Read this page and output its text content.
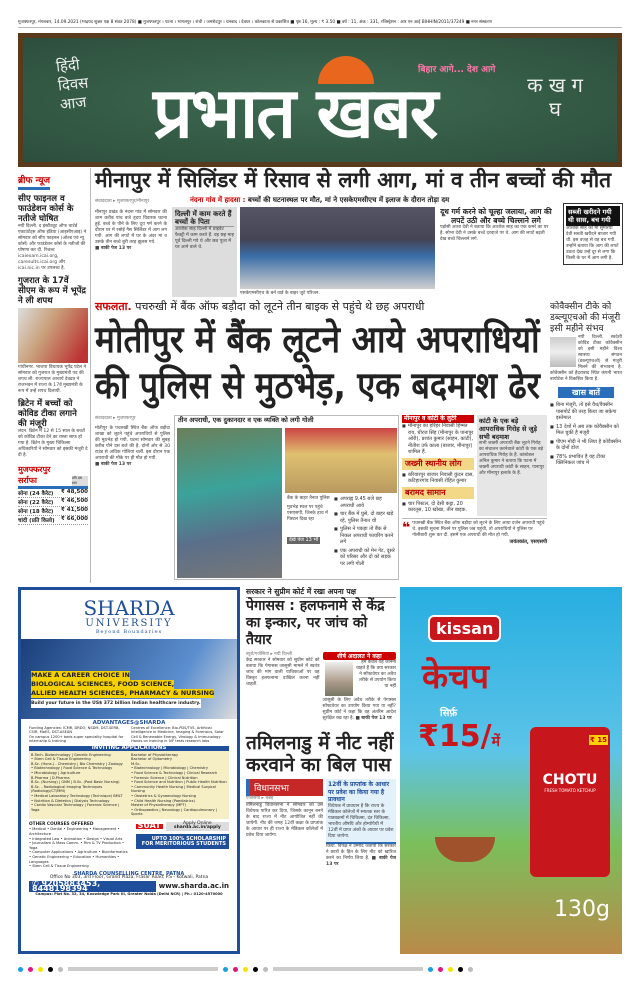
मुजफ्फरपुर, मंगलवार, 14.09.2021 (भाद्रपद शुक्ल पक्ष 8 संवत 2078) ■ मुजफ्फरपुर । पटना । भागलपुर । रांची । जमशेदपुर । धनबाद । देवघर । कोलकाता से प्रकाशित ■ पृष्ठ 16, मूल्य : ₹ 3.50 ■ वर्ष : 11, अंक : 331, रजिस्ट्रेशन : आर एन आई BIHHIN/2011/37249 ■ नगर संस्करण
हिंदी
दिवस
आज
बिहार आगे... देश आगे
प्रभात खबर	क ख ग घ
ब्रीफ न्यूज
सीए फाइनल व फाउंडेशन कोर्स के नतीजे घोषित

नयी दिल्ली. द इंस्टीट्यूट ऑफ चार्टर्ड एकाउंटेंट्स ऑफ इंडिया (आइसीएआइ) ने सोमवार को सीए फाइनल (ओल्ड एवं न्यू कोर्स) और फाउंडेशन कोर्स के नतीजों की घोषणा कर दी. रिजल्ट icaiexam.icai.org, caresults.icai.org और icai.nic.in पर उपलब्ध है.

गुजरात के 17वें सीएम के रूप में भूपेंद्र ने ली शपथ

गांधीनगर. भाजपा विधायक भूपेंद्र पटेल ने सोमवार को गुजरात के मुख्यमंत्री पद की शपथ ली. राज्यपाल आचार्य देवव्रत ने राजभवन में राज्य के 17वें मुख्यमंत्री के रूप में उन्हें शपथ दिलायी.

ब्रिटेन में बच्चों को कोविड टीका लगाने की मंजूरी

लंदन. ब्रिटेन में 12 से 15 साल के बच्चों को कोविड टीका देने का रास्ता साफ हो गया है. ब्रिटेन के मुख्य चिकित्सा अधिकारियों ने सोमवार को इसकी मंजूरी दे दी है.

मुजफ्फरपुर सर्राफा	प्रति दस ग्राम
सोना (24 कैरेट) ₹ 48,500
सोना (22 कैरेट) ₹ 46,500
सोना (18 कैरेट) ₹ 41,500
चांदी (प्रति किलो) ₹ 66,000
मीनापुर में सिलिंडर में रिसाव से लगी आग, मां व तीन बच्चों की मौत
संवाददाता ▸ मुजफ्फरपुर/मीनापुर	नंदना गांव में हादसा : बच्चों की घटनास्थल पर मौत, मां ने एसकेएमसीएच में इलाज के दौरान तोड़ा दम
मीनापुर प्रखंड के नंदना गांव में सोमवार की शाम करीब पांच बजे हृदय विदारक घटना हुई. बच्चे के पीने के लिए दूध गर्म करने के दौरान घर में रसोई गैस सिलिंडर में आग लग गयी. आग की लपटें में घर के अंदर मां व उसके तीन बच्चे बुरी तरह झुलस गये.
■ बाकी पेज 13 पर
दिल्ली में काम करते हैं बच्चों के पिता
आशोक साह दिल्ली में प्राइवेट फैक्ट्री में काम करते हैं. वह छह माह पूर्व दिल्ली गये थे और छठ पूजा में घर आने वाले थे.
एसकेएमसीएच के बर्न वार्ड के बाहर जुटे परिजन.
दूध गर्म करने को चूल्हा जलाया, आग की लपटें उठी और बच्चे चिल्लाने लगे
पड़ोसी आशा देवी ने बताया कि आशोक साह का एक कमरे का घर है. सोभा देवी ने उसके बच्चे दरवाजे पर थे. आग की लपटें बढ़ती देख बच्चे चिल्लाने लगे.
सब्जी खरीदने गयी थी सास, बच गयी
आशोक साह की मां सुमरिया देवी सब्जी खरीदने बाजार गयी थी. इस वजह से वह बच गयी. उन्होंने बताया कि आग की लपटें उठता देख उन्हें दूर से लगा कि किसी के घर में आग लगी है.
सफलता. पचरुखी में बैंक ऑफ बड़ौदा को लूटने तीन बाइक से पहुंचे थे छह अपराधी
मोतीपुर में बैंक लूटने आये अपराधियों
की पुलिस से मुठभेड़, एक बदमाश ढेर
संवाददाता ▸ मुजफ्फरपुर
मोतीपुर के पचरुखी स्थित बैंक ऑफ बड़ौदा शाखा को लूटने पहुंचे अपराधियों से पुलिस की मुठभेड़ हो गयी. घटना सोमवार की सुबह करीब पौने दस बजे की है. दोनों ओर से 30 राउंड से अधिक गोलियां चलीं. इस दौरान एक अपराधी की मौके पर ही मौत हो गयी.
■ बाकी पेज 13 पर
तीन अपराधी, एक दुकानदार व एक व्यक्ति को लगी गोली
बैंक के बाहर तैनात पुलिस
मुठभेड़ स्थल पर पहुंचे एसएसपी, जिनके हाथ में पिस्टल दिख रहा
देखें पेज 13 भी
■ अपराह्न 9.45 बजे छह अपराधी आये
■ चार बैंक में घुसे, दो बाहर खड़े रहे, पुलिस तैनात थी
■ पुलिस ने पकड़ा तो बैंक से निकल अपराधी फायरिंग करने लगे
■ एक अपराधी को मेन गेट, दूसरे को परिसर और दो को सड़क पर लगी गोली
मीनापुर व कांटी के लुटेरे
■ मीनापुर का हरिहर निवासी हिम्मत राय, धीरज सिंह (मीनापुर के पानापुर ओरी), प्रशांत कुमार (साहन, कांटी), नीतीश उर्फ काला (बाजार, मीनापुर) शामिल हैं.
जख्मी स्थानीय लोग
■ बरियारपुर बाजार निवासी कुंदन दास, कटिहारगांव निवासी रोहित कुमार
बरामद सामान
■ चार पिस्टल, दो देसी कट्टा, 20 कारतूस, 10 खोखा, तीन बाइक.
कांटी के एक बड़े आपराधिक गिरोह से जुड़े सभी बदमाश
सभी जख्मी अपराधी बैंक लूटने गिरोह का संचालन करनेवाले कांटी के एक बड़े आपराधिक गिरोह के हैं. कांस्टेबल अनिल कुमार ने बताया कि पटना में जख्मी अपराधी कांटी के साहन, पानापुर और मीनापुर इलाके के हैं.
❝ पचरुखी बैंक स्थित बैंक ऑफ बड़ौदा को लूटने के लिए आया दर्जन अपराधी पहुंचे थे. इसकी सूचना मिलने पर पुलिस जब पहुंची, तो अपराधियों ने पुलिस पर गोलीबारी शुरू कर दी. इसमें एक अपराधी की मौत हो गयी.
जयंतकांत, एसएसपी
कोवैक्सीन टीके को डब्ल्यूएचओ की मंजूरी इसी महीने संभव
नयी दिल्ली. स्वदेशी कोविड टीका कोवैक्सीन को इसी महीने विश्व स्वास्थ्य संगठन (डब्ल्यूएचओ) से मंजूरी मिलने की संभावना है. कोवैक्सीन को हैदराबाद स्थित कंपनी भारत बायोटेक ने विकसित किया है.
खास बातें
■ बिना मंजूरी, तो इसे वैध/वैक्सीन पासपोर्ट की तरह किया जा सकेगा इस्तेमाल
■ 13 देशों में अब तक कोवैक्सीन को मिल चुकी है मंजूरी
■ पीएम मोदी ने भी लिया है कोवैक्सीन के दोनों डोज
■ 78% प्रभावित है यह टीका क्लिनिकल जांच में
SHARDA
UNIVERSITY
Beyond Boundaries
MAKE A CAREER CHOICE IN
BIOLOGICAL SCIENCES, FOOD SCIENCE,
ALLIED HEALTH SCIENCES, PHARMACY & NURSING
Build your future in the US$ 372 billion Indian healthcare industry.
ADVANTAGES@SHARDA
Funding Agencies: ICMR, DRDO, NSDM, DST-SERB, CSIR, MoES, DST-ASEAN
On campus 1200+ beds super speciality hospital for internship & training
Centres of Excellence: Bio-PDS/TVS, Artificial Intelligence in Medicine, Imaging & Forensics, Solar Cell & Renewable Energy, Virology & Immunology
Hands on training in IVF tests research labs
INVITING APPLICATIONS
B.Tech. Biotechnology | Genetic Engineering
• Stem Cell & Tissue Engineering
B.Sc. (Hons.) - Chemistry | Bio Chemistry | Zoology
• Biotechnology | Food Science & Technology
• Microbiology | Agriculture
B.Pharma | D.Pharma
B.Sc. (Nursing) | GNM | B.Sc. (Post Basic Nursing)
B.Sc. - Radiological Imaging Techniques (Radiology/CT/MRI)
• Medical Laboratory Technology (Technique) BMLT
• Nutrition & Dietetics | Dialysis Technology
• Cardio Vascular Technology | Forensic Science | Yoga
Bachelor of Physiotherapy
Bachelor of Optometry
M.Sc.
• Biotechnology | Microbiology | Chemistry
• Food Science & Technology | Clinical Research
• Forensic Science | Clinical Nutrition
• Food Science and Nutrition | Public Health Nutrition
• Community Health Nursing | Medical Surgical Nursing
• Obstetrics & Gynaecology Nursing
• Child Health Nursing (Paediatrics)
Master of Physiotherapy (MPT)
• Orthopaedics | Neurology | Cardiopulmonary | Sports
OTHER COURSES OFFERED
• Medical • Dental • Engineering • Management • Architecture
• Integrated Law • Animation • Design • Visual Arts
• Journalism & Mass Comm. • Film & TV Production • Yoga
• Computer Applications • Agriculture • Bioinformatics
• Genetic Engineering • Education • Humanities • Languages
• Stem Cell & Tissue Engineering
SUAT	Apply Online
sharda.ac.in/apply
UPTO 100% SCHOLARSHIP
FOR MERITORIOUS STUDENTS
SHARDA COUNSELLING CENTRE, PATNA
Office No 303, 3rd Floor, Grand Plaza, Fraser Road, P.S - Kotwali, Patna
✆ 9205883453, 8448198394	www.sharda.ac.in
Campus: Plot No. 32, 34, Knowledge Park III, Greater Noida (Delhi NCR) | Ph.: 0120-4570000
सरकार ने सुप्रीम कोर्ट में रखा अपना पक्ष
पेगासस : हलफनामे से केंद्र का इन्कार, पर जांच को तैयार
ब्यूरो/एजेंसियां ▸ नयी दिल्ली
केंद्र सरकार ने सोमवार को सुप्रीम कोर्ट को बताया कि पेगासस जासूसी मामले में स्वतंत्र जांच की मांग वाली याचिकाओं पर वह विस्तृत हलफनामा दाखिल करना नहीं चाहती.
शीर्ष अदालत ने कहा
हम केवल यह जानना चाहते हैं कि क्या सरकार ने सॉफ्टवेयर का अवैध तरीके से उपयोग किया या नहीं
जासूसी के लिए अवैध तरीके से पेगासस सॉफ्टवेयर का उपयोग किया गया या नहीं? सुप्रीम कोर्ट ने कहा कि वह अंतरिम आदेश सुरक्षित रख रहा है. ■ बाकी पेज 13 पर
तमिलनाडु में नीट नहीं करवाने का बिल पास
विधानसभा
एजेंसियां ▸ चेन्नई
तमिलनाडु विधानसभा ने सोमवार को उस विधेयक पारित कर दिया, जिसके कानून बनने के बाद राज्य में नीट आयोजित नहीं की जायेगी. नीट की जगह 12वीं कक्षा के प्राप्तांक के आधार पर ही राज्य के मेडिकल कॉलेजों में प्रवेश दिया जायेगा.
12वीं के प्राप्तांक के आधार पर प्रवेश का किया गया है प्रावधान
विधेयक में प्रावधान है कि राज्य के मेडिकल कॉलेजों में स्नातक स्तर के पाठ्यक्रमों में चिकित्सा, दंत चिकित्सा, भारतीय औषधि और होम्योपैथी में 12वीं में प्राप्त अंकों के आधार पर प्रवेश दिया जायेगा.
किया. विपक्ष ने उम्मीद जतायी कि सरकार ने छात्रों के हित के लिए नीट को खारिज करने का निर्णय लिया है. ■ बाकी पेज 13 पर
kissan
केचप
सिर्फ़
₹15/में	₹ 15
CHOTU
FRESH TOMATO KETCHUP
130g
